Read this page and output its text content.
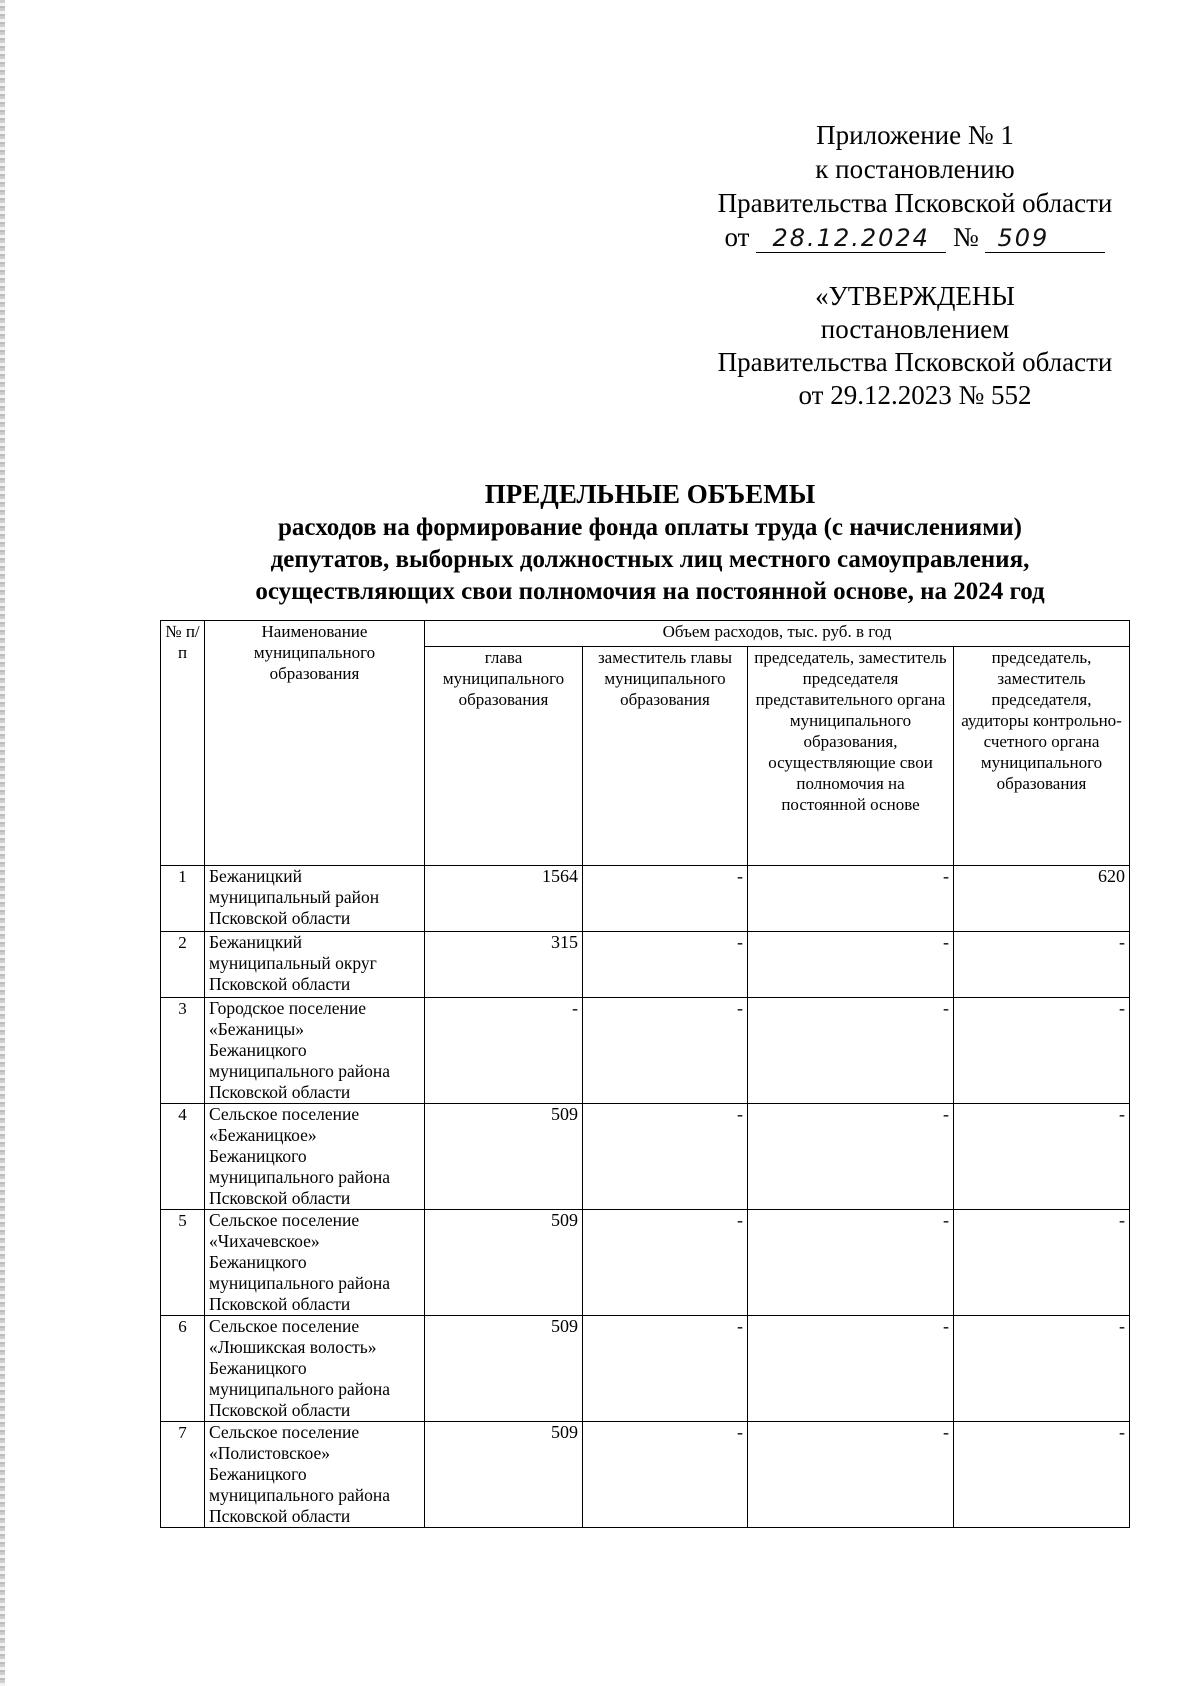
Приложение № 1
к постановлению
Правительства Псковской области
от 28.12.2024 № 509
«УТВЕРЖДЕНЫ
постановлением
Правительства Псковской области
от 29.12.2023 № 552
ПРЕДЕЛЬНЫЕ ОБЪЕМЫ
расходов на формирование фонда оплаты труда (с начислениями)
депутатов, выборных должностных лиц местного самоуправления,
осуществляющих свои полномочия на постоянной основе, на 2024 год
№ п/п	Наименование муниципального образования	Объем расходов, тыс. руб. в год			
		глава муниципального образования	заместитель главы муниципального образования	председатель, заместитель председателя представительного органа муниципального образования, осуществляющие свои полномочия на постоянной основе	председатель, заместитель председателя, аудиторы контрольно-счетного органа муниципального образования
1	Бежаницкий
муниципальный район
Псковской области	1564	-	-	620
2	Бежаницкий
муниципальный округ
Псковской области	315	-	-	-
3	Городское поселение
«Бежаницы»
Бежаницкого
муниципального района
Псковской области	-	-	-	-
4	Сельское поселение
«Бежаницкое»
Бежаницкого
муниципального района
Псковской области	509	-	-	-
5	Сельское поселение
«Чихачевское»
Бежаницкого
муниципального района
Псковской области	509	-	-	-
6	Сельское поселение
«Люшикская волость»
Бежаницкого
муниципального района
Псковской области	509	-	-	-
7	Сельское поселение
«Полистовское»
Бежаницкого
муниципального района
Псковской области	509	-	-	-
